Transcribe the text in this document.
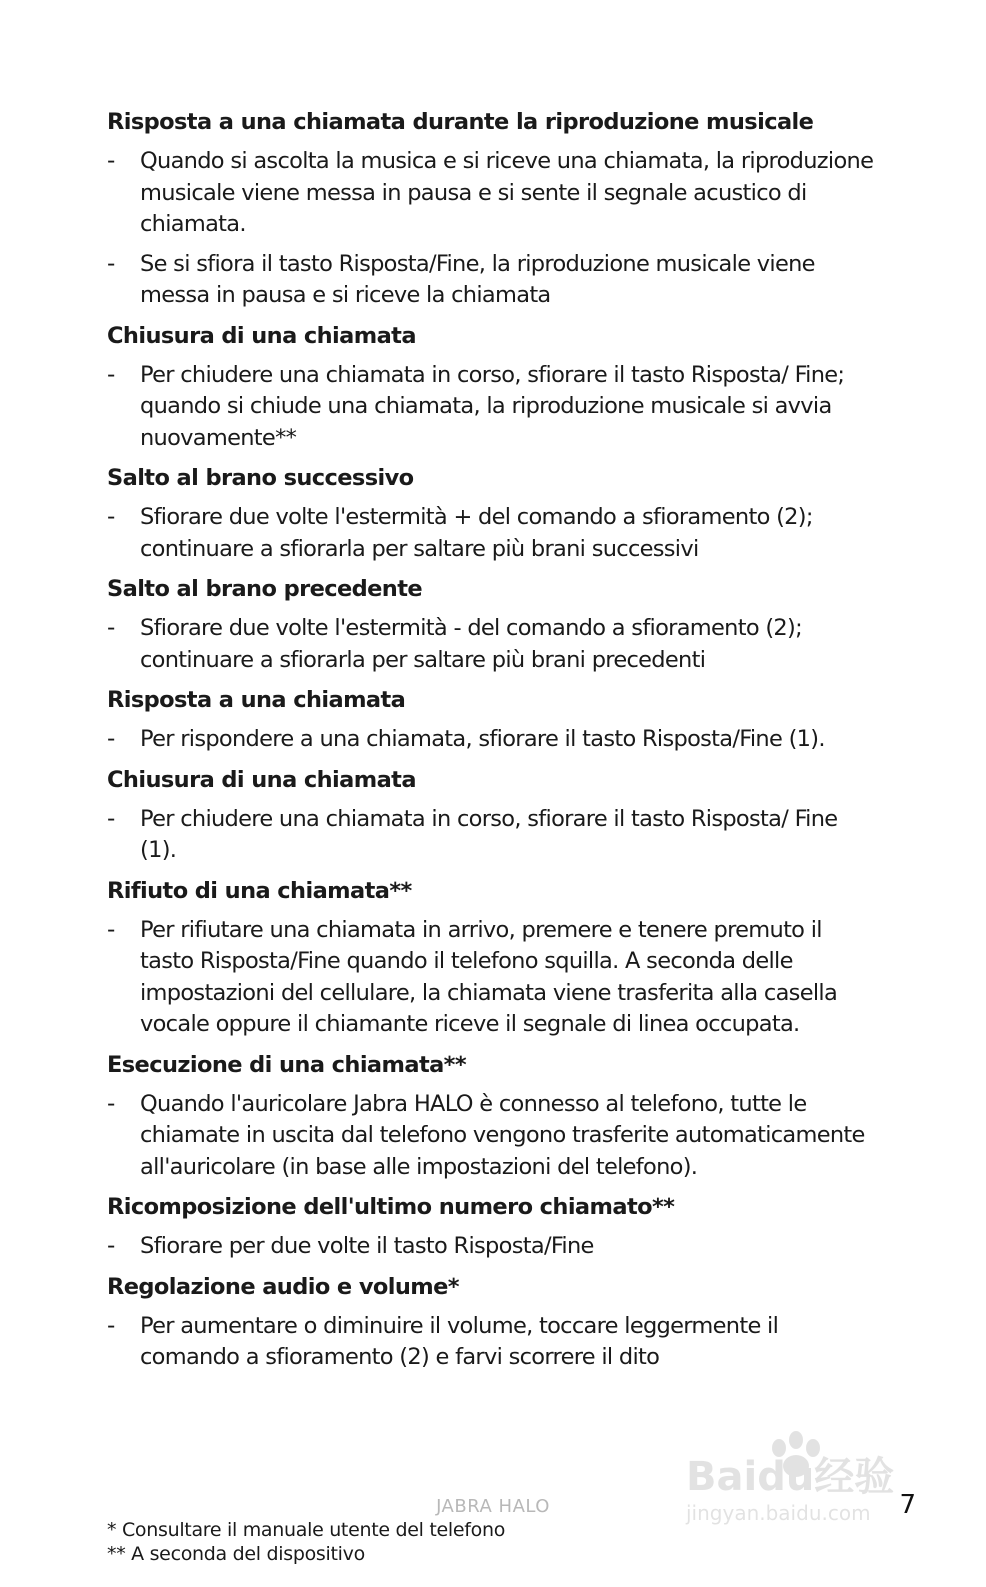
Risposta a una chiamata durante la riproduzione musicale
-	Quando si ascolta la musica e si riceve una chiamata, la riproduzione musicale viene messa in pausa e si sente il segnale acustico di chiamata.
-	Se si sfiora il tasto Risposta/Fine, la riproduzione musicale viene messa in pausa e si riceve la chiamata
Chiusura di una chiamata
-	Per chiudere una chiamata in corso, sfiorare il tasto Risposta/ Fine; quando si chiude una chiamata, la riproduzione musicale si avvia nuovamente**
Salto al brano successivo
-	Sfiorare due volte l'estermità + del comando a sfioramento (2); continuare a sfiorarla per saltare più brani successivi
Salto al brano precedente
-	Sfiorare due volte l'estermità - del comando a sfioramento (2); continuare a sfiorarla per saltare più brani precedenti
Risposta a una chiamata
-	Per rispondere a una chiamata, sfiorare il tasto Risposta/Fine (1).
Chiusura di una chiamata
-	Per chiudere una chiamata in corso, sfiorare il tasto Risposta/ Fine (1).
Rifiuto di una chiamata**
-	Per rifiutare una chiamata in arrivo, premere e tenere premuto il tasto Risposta/Fine quando il telefono squilla. A seconda delle impostazioni del cellulare, la chiamata viene trasferita alla casella vocale oppure il chiamante riceve il segnale di linea occupata.
Esecuzione di una chiamata**
-	Quando l'auricolare Jabra HALO è connesso al telefono, tutte le chiamate in uscita dal telefono vengono trasferite automaticamente all'auricolare (in base alle impostazioni del telefono).
Ricomposizione dell'ultimo numero chiamato**
-	Sfiorare per due volte il tasto Risposta/Fine
Regolazione audio e volume*
-	Per aumentare o diminuire il volume, toccare leggermente il comando a sfioramento (2) e farvi scorrere il dito
Baidu经验
jingyan.baidu.com
JABRA HALO	7
* Consultare il manuale utente del telefono
** A seconda del dispositivo
